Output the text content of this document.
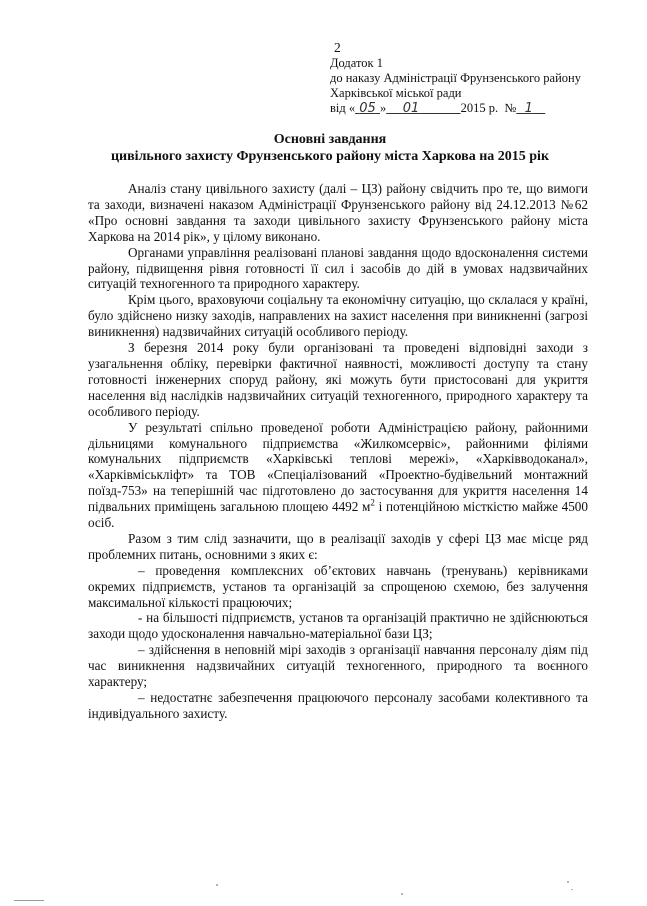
2
Додаток 1
до наказу Адміністрації Фрунзенського району
Харківської міської ради
від « 05 » 01	2015 р. № 1
Основні завдання
цивільного захисту Фрунзенського району міста Харкова на 2015 рік

Аналіз стану цивільного захисту (далі – ЦЗ) району свідчить про те, що вимоги та заходи, визначені наказом Адміністрації Фрунзенського району від 24.12.2013 №62 «Про основні завдання та заходи цивільного захисту Фрунзенського району міста Харкова на 2014 рік», у цілому виконано.

Органами управління реалізовані планові завдання щодо вдосконалення системи району, підвищення рівня готовності її сил і засобів до дій в умовах надзвичайних ситуацій техногенного та природного характеру.

Крім цього, враховуючи соціальну та економічну ситуацію, що склалася у країні, було здійснено низку заходів, направлених на захист населення при виникненні (загрозі виникнення) надзвичайних ситуацій особливого періоду.

З березня 2014 року були організовані та проведені відповідні заходи з узагальнення обліку, перевірки фактичної наявності, можливості доступу та стану готовності інженерних споруд району, які можуть бути пристосовані для укриття населення від наслідків надзвичайних ситуацій техногенного, природного характеру та особливого періоду.

У результаті спільно проведеної роботи Адміністрацією району, районними дільницями комунального підприємства «Жилкомсервіс», районними філіями комунальних підприємств «Харківські теплові мережі», «Харківводоканал», «Харківміськліфт» та ТОВ «Спеціалізований «Проектно-будівельний монтажний поїзд-753» на теперішній час підготовлено до застосування для укриття населення 14 підвальних приміщень загальною площею 4492 $м^2$ і потенційною місткістю майже 4500 осіб.

Разом з тим слід зазначити, що в реалізації заходів у сфері ЦЗ має місце ряд проблемних питань, основними з яких є:

– проведення комплексних об’єктових навчань (тренувань) керівниками окремих підприємств, установ та організацій за спрощеною схемою, без залучення максимальної кількості працюючих;

- на більшості підприємств, установ та організацій практично не здійснюються заходи щодо удосконалення навчально-матеріальної бази ЦЗ;

– здійснення в неповній мірі заходів з організації навчання персоналу діям під час виникнення надзвичайних ситуацій техногенного, природного та воєнного характеру;

– недостатнє забезпечення працюючого персоналу засобами колективного та індивідуального захисту.
